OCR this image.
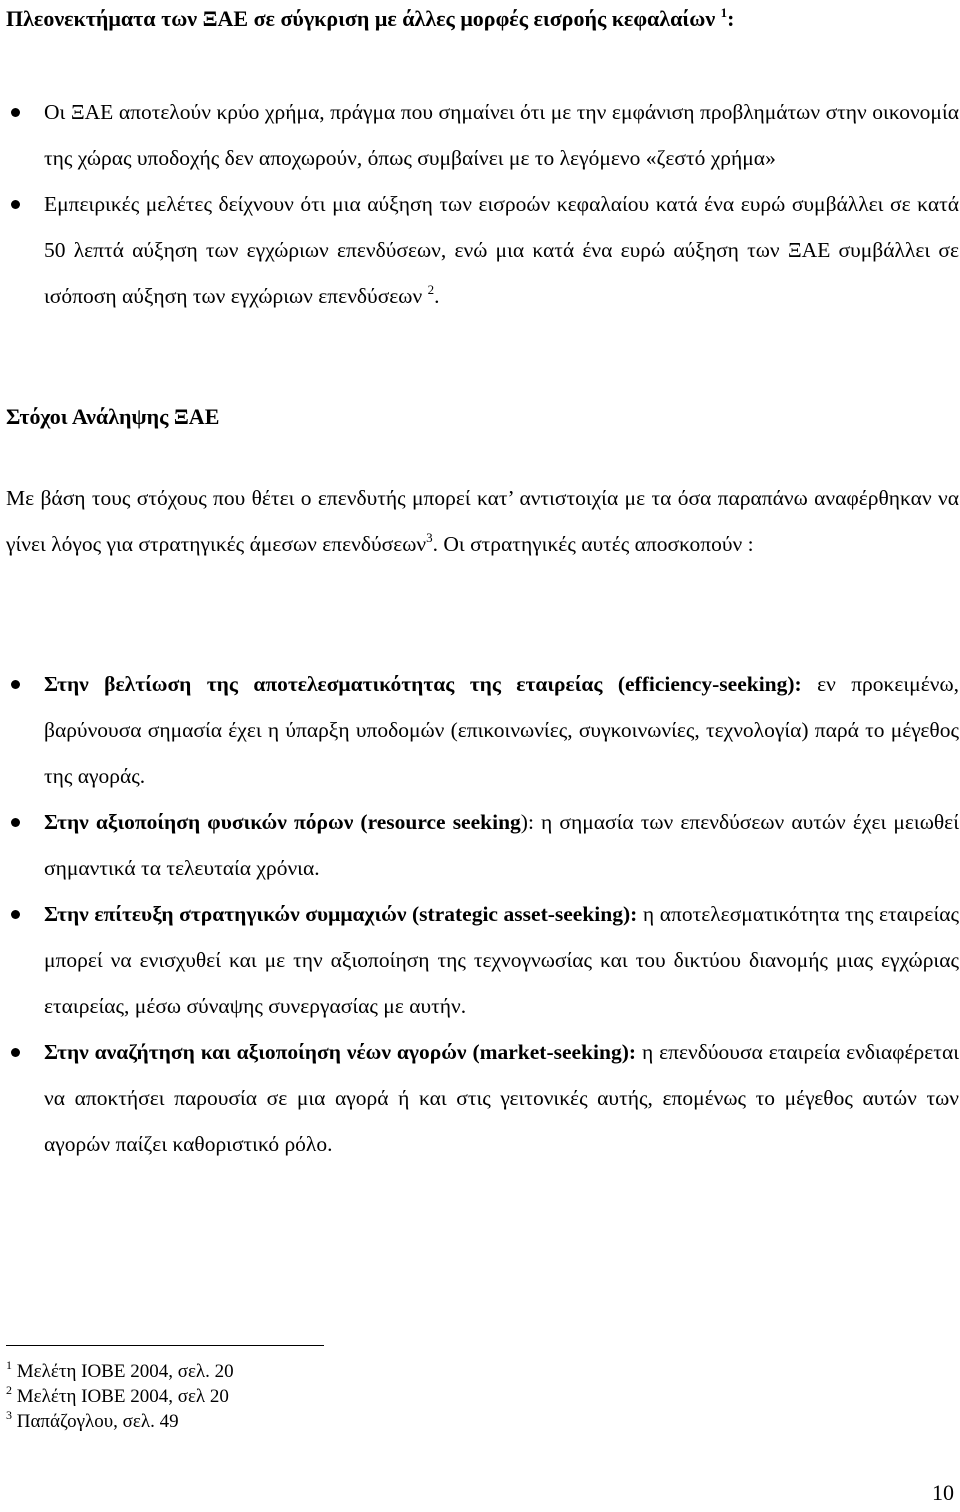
Πλεονεκτήματα των ΞΑΕ σε σύγκριση με άλλες μορφές εισροής κεφαλαίων $^1$:
Οι ΞΑΕ αποτελούν κρύο χρήμα, πράγμα που σημαίνει ότι με την εμφάνιση προβλημάτων στην οικονομία της χώρας υποδοχής δεν αποχωρούν, όπως συμβαίνει με το λεγόμενο «ζεστό χρήμα»
Εμπειρικές μελέτες δείχνουν ότι μια αύξηση των εισροών κεφαλαίου κατά ένα ευρώ συμβάλλει σε κατά 50 λεπτά αύξηση των εγχώριων επενδύσεων, ενώ μια κατά ένα ευρώ αύξηση των ΞΑΕ συμβάλλει σε ισόποση αύξηση των εγχώριων επενδύσεων $^2$.
Στόχοι Ανάληψης ΞΑΕ
Με βάση τους στόχους που θέτει ο επενδυτής μπορεί κατ’ αντιστοιχία με τα όσα παραπάνω αναφέρθηκαν να γίνει λόγος για στρατηγικές άμεσων επενδύσεων$^3$. Οι στρατηγικές αυτές αποσκοπούν :
Στην βελτίωση της αποτελεσματικότητας της εταιρείας (efficiency-seeking): εν προκειμένω, βαρύνουσα σημασία έχει η ύπαρξη υποδομών (επικοινωνίες, συγκοινωνίες, τεχνολογία) παρά το μέγεθος της αγοράς.
Στην αξιοποίηση φυσικών πόρων (resource seeking): η σημασία των επενδύσεων αυτών έχει μειωθεί σημαντικά τα τελευταία χρόνια.
Στην επίτευξη στρατηγικών συμμαχιών (strategic asset-seeking): η αποτελεσματικότητα της εταιρείας μπορεί να ενισχυθεί και με την αξιοποίηση της τεχνογνωσίας και του δικτύου διανομής μιας εγχώριας εταιρείας, μέσω σύναψης συνεργασίας με αυτήν.
Στην αναζήτηση και αξιοποίηση νέων αγορών (market-seeking): η επενδύουσα εταιρεία ενδιαφέρεται να αποκτήσει παρουσία σε μια αγορά ή και στις γειτονικές αυτής, επομένως το μέγεθος αυτών των αγορών παίζει καθοριστικό ρόλο.
$^1$ Μελέτη ΙΟΒΕ 2004, σελ. 20
$^2$ Μελέτη ΙΟΒΕ 2004, σελ 20
$^3$ Παπάζογλου, σελ. 49
10
